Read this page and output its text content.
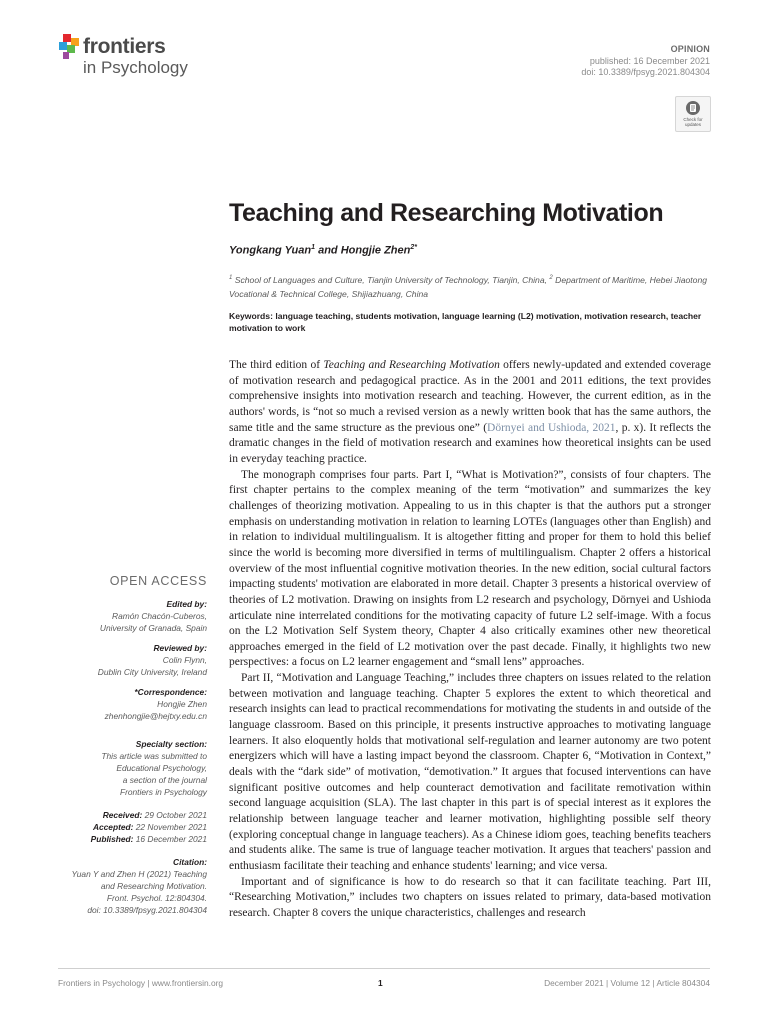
frontiers
in Psychology
OPINION
published: 16 December 2021
doi: 10.3389/fpsyg.2021.804304
Check for
updates
Teaching and Researching Motivation
Yongkang Yuan$^1$ and Hongjie Zhen$^{2*}$
$^1$ School of Languages and Culture, Tianjin University of Technology, Tianjin, China, $^2$ Department of Maritime, Hebei Jiaotong Vocational & Technical College, Shijiazhuang, China
Keywords: language teaching, students motivation, language learning (L2) motivation, motivation research, teacher motivation to work

The third edition of Teaching and Researching Motivation offers newly-updated and extended coverage of motivation research and pedagogical practice. As in the 2001 and 2011 editions, the text provides comprehensive insights into motivation research and teaching. However, the current edition, as in the authors' words, is “not so much a revised version as a newly written book that has the same authors, the same title and the same structure as the previous one” (Dörnyei and Ushioda, 2021, p. x). It reflects the dramatic changes in the field of motivation research and examines how theoretical insights can be used in everyday teaching practice.

The monograph comprises four parts. Part I, “What is Motivation?”, consists of four chapters. The first chapter pertains to the complex meaning of the term “motivation” and summarizes the key challenges of theorizing motivation. Appealing to us in this chapter is that the authors put a stronger emphasis on understanding motivation in relation to learning LOTEs (languages other than English) and in relation to individual multilingualism. It is altogether fitting and proper for them to hold this belief since the world is becoming more diversified in terms of multilingualism. Chapter 2 offers a historical overview of the most influential cognitive motivation theories. In the new edition, social cultural factors impacting students' motivation are elaborated in more detail. Chapter 3 presents a historical overview of theories of L2 motivation. Drawing on insights from L2 research and psychology, Dörnyei and Ushioda articulate nine interrelated conditions for the motivating capacity of future L2 self-image. With a focus on the L2 Motivation Self System theory, Chapter 4 also critically examines other new theoretical approaches emerged in the field of L2 motivation over the past decade. Finally, it highlights two new perspectives: a focus on L2 learner engagement and “small lens” approaches.

Part II, “Motivation and Language Teaching,” includes three chapters on issues related to the relation between motivation and language teaching. Chapter 5 explores the extent to which theoretical and research insights can lead to practical recommendations for motivating the students in and outside of the language classroom. Based on this principle, it presents instructive approaches to motivating language learners. It also eloquently holds that motivational self-regulation and learner autonomy are two potent energizers which will have a lasting impact beyond the classroom. Chapter 6, “Motivation in Context,” deals with the “dark side” of motivation, “demotivation.” It argues that focused interventions can have significant positive outcomes and help counteract demotivation and facilitate remotivation within second language acquisition (SLA). The last chapter in this part is of special interest as it explores the relationship between language teacher and learner motivation, highlighting possible self theory (exploring conceptual change in language teachers). As a Chinese idiom goes, teaching benefits teachers and students alike. The same is true of language teacher motivation. It argues that teachers' passion and enthusiasm facilitate their teaching and enhance students' learning; and vice versa.

Important and of significance is how to do research so that it can facilitate teaching. Part III, “Researching Motivation,” includes two chapters on issues related to primary, data-based motivation research. Chapter 8 covers the unique characteristics, challenges and research

OPEN ACCESS
Edited by:
Ramón Chacón-Cuberos,
University of Granada, Spain
Reviewed by:
Colin Flynn,
Dublin City University, Ireland
*Correspondence:
Hongjie Zhen
zhenhongjie@hejtxy.edu.cn
Specialty section:
This article was submitted to
Educational Psychology,
a section of the journal
Frontiers in Psychology
Received: 29 October 2021
Accepted: 22 November 2021
Published: 16 December 2021
Citation:
Yuan Y and Zhen H (2021) Teaching
and Researching Motivation.
Front. Psychol. 12:804304.
doi: 10.3389/fpsyg.2021.804304
Frontiers in Psychology | www.frontiersin.org	1	December 2021 | Volume 12 | Article 804304
